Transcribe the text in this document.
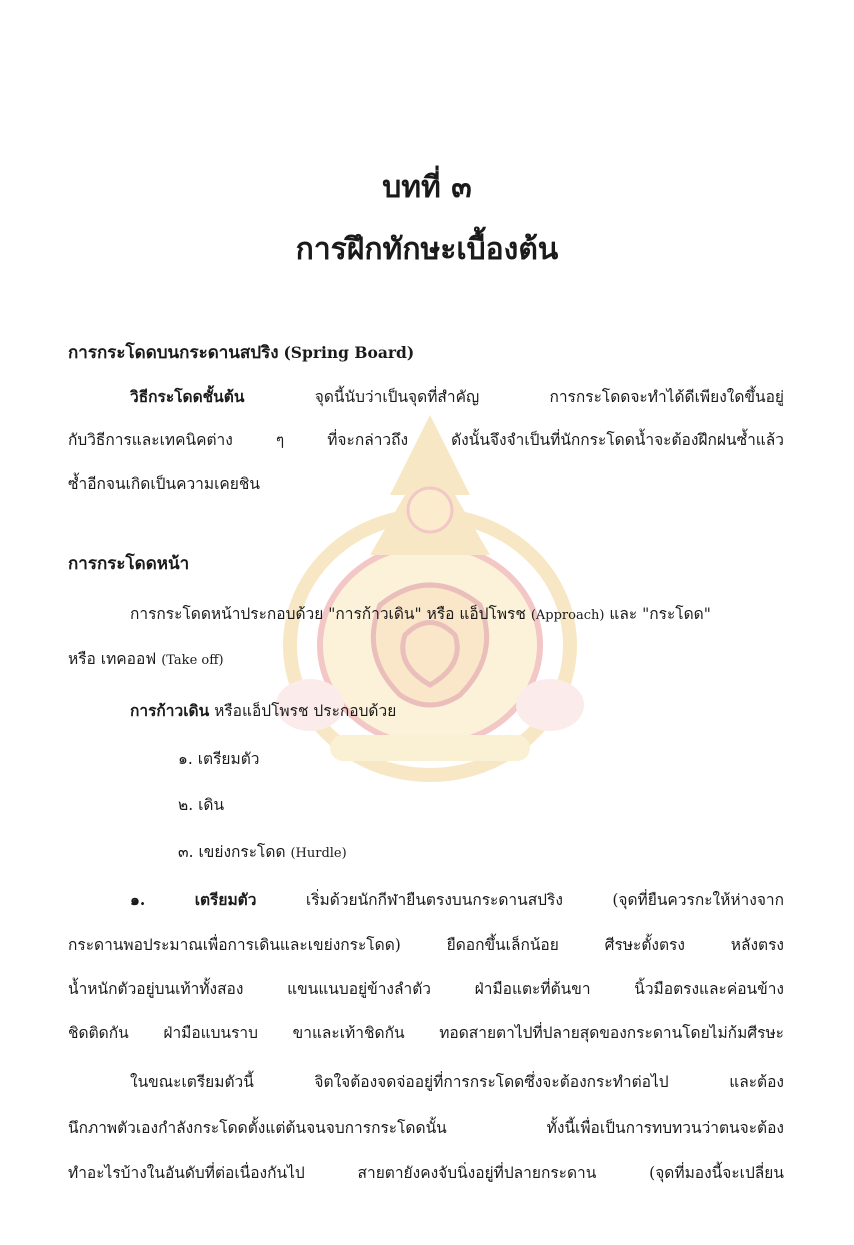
บทที่ ๓
การฝึกทักษะเบื้องต้น
การกระโดดบนกระดานสปริง (Spring Board)
วิธีกระโดดชั้นต้น	จุดนี้นับว่าเป็นจุดที่สำคัญ การกระโดดจะทำได้ดีเพียงใดขึ้นอยู่
กับวิธีการและเทคนิคต่าง ๆ ที่จะกล่าวถึง ดังนั้นจึงจำเป็นที่นักกระโดดน้ำจะต้องฝึกฝนซ้ำแล้ว
ซ้ำอีกจนเกิดเป็นความเคยชิน
การกระโดดหน้า
การกระโดดหน้าประกอบด้วย "การก้าวเดิน" หรือ แอ็ปโพรช (Approach) และ "กระโดด"
หรือ เทคออฟ (Take off)
การก้าวเดิน หรือแอ็ปโพรช ประกอบด้วย
๑. เตรียมตัว
๒. เดิน
๓. เขย่งกระโดด (Hurdle)
๑.	เตรียมตัว	เริ่มด้วยนักกีฬายืนตรงบนกระดานสปริง (จุดที่ยืนควรกะให้ห่างจาก
กระดานพอประมาณเพื่อการเดินและเขย่งกระโดด) ยืดอกขึ้นเล็กน้อย ศีรษะตั้งตรง หลังตรง
น้ำหนักตัวอยู่บนเท้าทั้งสอง แขนแนบอยู่ข้างลำตัว ฝ่ามือแตะที่ต้นขา นิ้วมือตรงและค่อนข้าง
ชิดติดกัน ฝ่ามือแบนราบ ขาและเท้าชิดกัน ทอดสายตาไปที่ปลายสุดของกระดานโดยไม่ก้มศีรษะ
ในขณะเตรียมตัวนี้ จิตใจต้องจดจ่ออยู่ที่การกระโดดซึ่งจะต้องกระทำต่อไป และต้อง
นึกภาพตัวเองกำลังกระโดดตั้งแต่ต้นจนจบการกระโดดนั้น ทั้งนี้เพื่อเป็นการทบทวนว่าตนจะต้อง
ทำอะไรบ้างในอันดับที่ต่อเนื่องกันไป สายตายังคงจับนิ่งอยู่ที่ปลายกระดาน (จุดที่มองนี้จะเปลี่ยน
